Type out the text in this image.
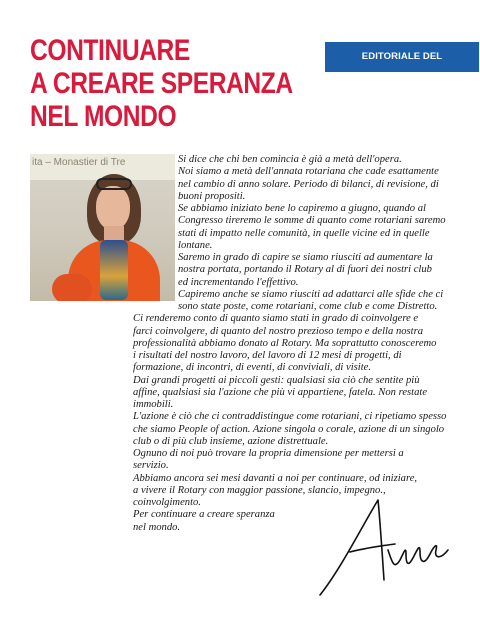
CONTINUARE
A CREARE SPERANZA
NEL MONDO
EDITORIALE DEL GOVERNATORE
ita – Monastier di Tre	Si dice che chi ben comincia è già a metà dell'opera.

Noi siamo a metà dell'annata rotariana che cade esattamente

nel cambio di anno solare. Periodo di bilanci, di revisione, di

buoni propositi.

Se abbiamo iniziato bene lo capiremo a giugno, quando al

Congresso tireremo le somme di quanto come rotariani saremo

stati di impatto nelle comunità, in quelle vicine ed in quelle

lontane.

Saremo in grado di capire se siamo riusciti ad aumentare la

nostra portata, portando il Rotary al di fuori dei nostri club

ed incrementando l'effettivo.

Capiremo anche se siamo riusciti ad adattarci alle sfide che ci

sono state poste, come rotariani, come club e come Distretto.

Ci renderemo conto di quanto siamo stati in grado di coinvolgere e

farci coinvolgere, di quanto del nostro prezioso tempo e della nostra

professionalità abbiamo donato al Rotary. Ma soprattutto conosceremo

i risultati del nostro lavoro, del lavoro di 12 mesi di progetti, di

formazione, di incontri, di eventi, di conviviali, di visite.

Dai grandi progetti ai piccoli gesti: qualsiasi sia ciò che sentite più

affine, qualsiasi sia l'azione che più vi appartiene, fatela. Non restate

immobili.

L'azione è ciò che ci contraddistingue come rotariani, ci ripetiamo spesso

che siamo People of action. Azione singola o corale, azione di un singolo

club o di più club insieme, azione distrettuale.

Ognuno di noi può trovare la propria dimensione per mettersi a

servizio.

Abbiamo ancora sei mesi davanti a noi per continuare, od iniziare,

a vivere il Rotary con maggior passione, slancio, impegno.,

coinvolgimento.

Per continuare a creare speranza

nel mondo.
